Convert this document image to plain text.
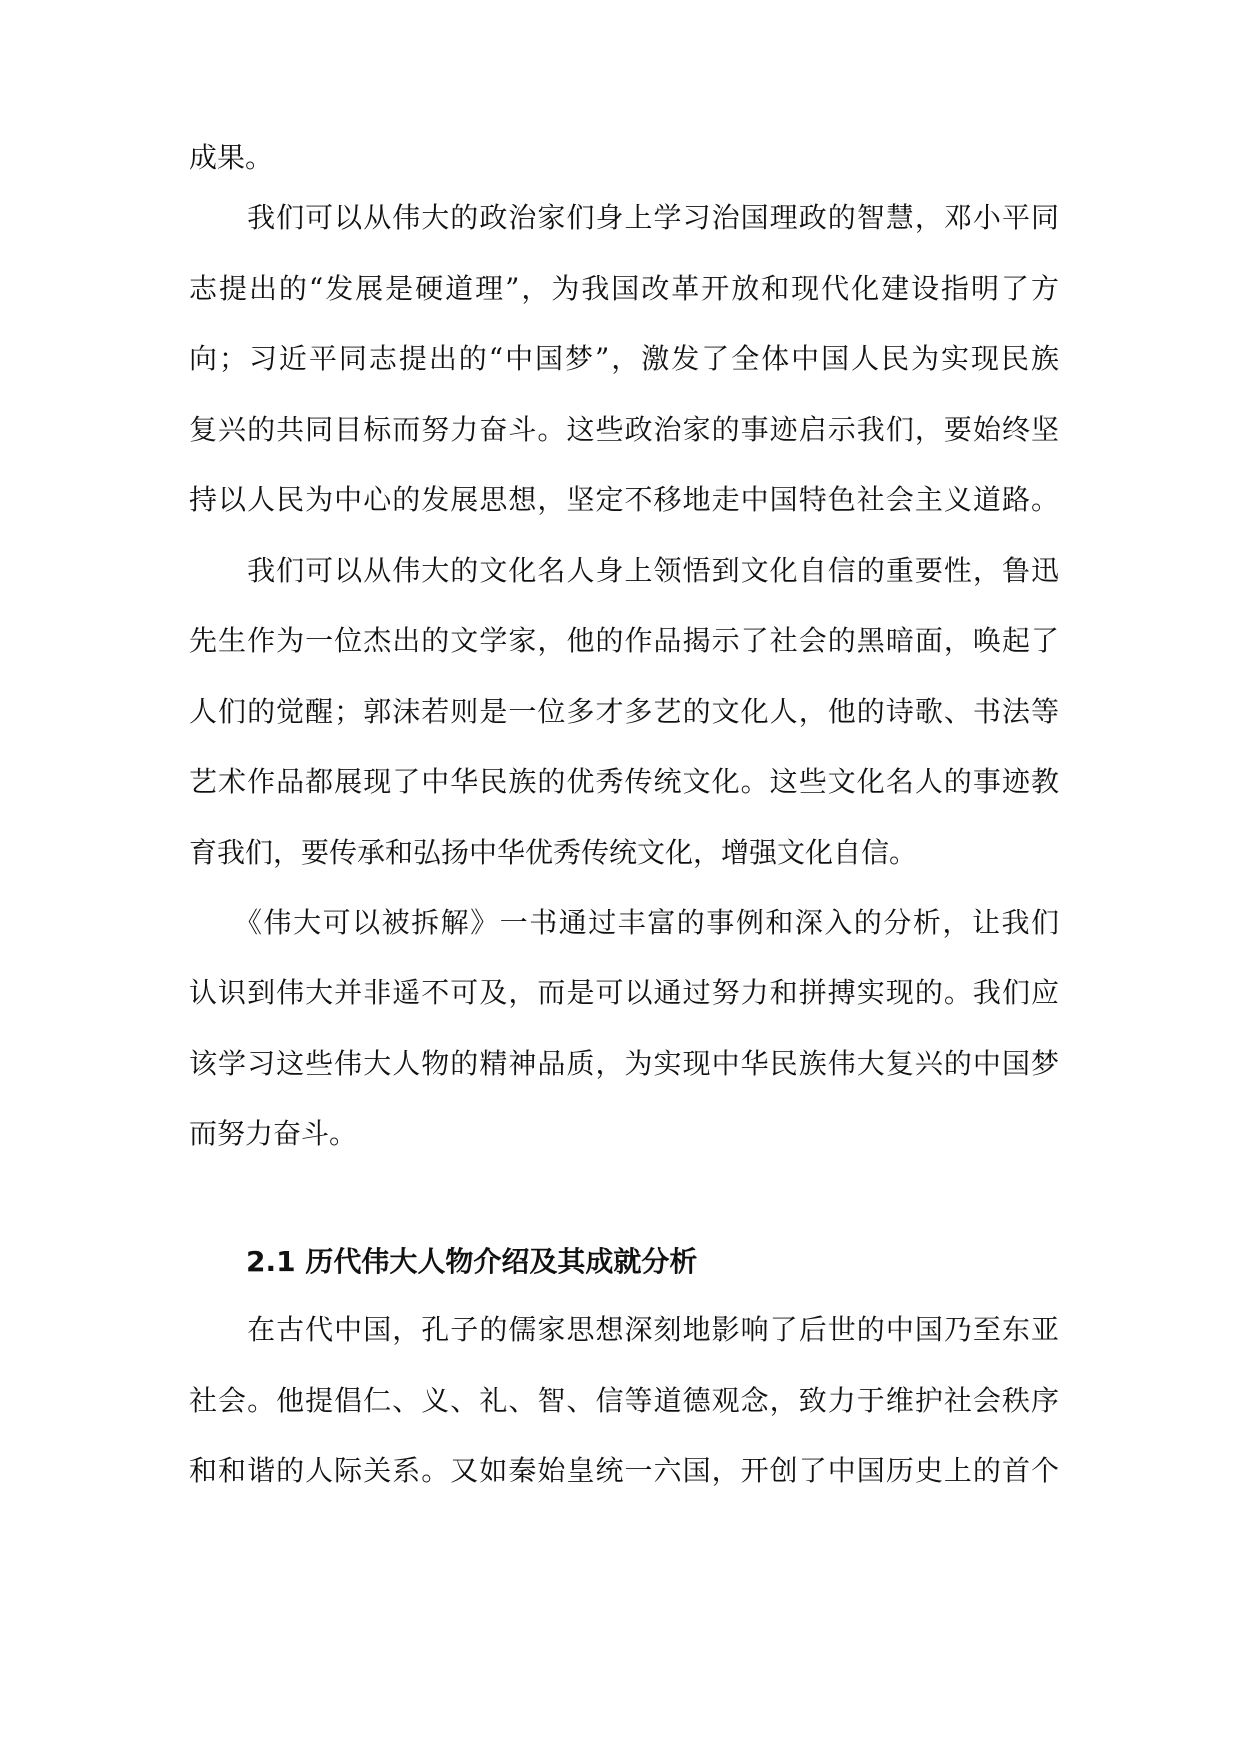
成果。
　　我们可以从伟大的政治家们身上学习治国理政的智慧，邓小平同
志提出的“发展是硬道理”，为我国改革开放和现代化建设指明了方
向；习近平同志提出的“中国梦”，激发了全体中国人民为实现民族
复兴的共同目标而努力奋斗。这些政治家的事迹启示我们，要始终坚
持以人民为中心的发展思想，坚定不移地走中国特色社会主义道路。
　　我们可以从伟大的文化名人身上领悟到文化自信的重要性，鲁迅
先生作为一位杰出的文学家，他的作品揭示了社会的黑暗面，唤起了
人们的觉醒；郭沫若则是一位多才多艺的文化人，他的诗歌、书法等
艺术作品都展现了中华民族的优秀传统文化。这些文化名人的事迹教
育我们，要传承和弘扬中华优秀传统文化，增强文化自信。
　　《伟大可以被拆解》一书通过丰富的事例和深入的分析，让我们
认识到伟大并非遥不可及，而是可以通过努力和拼搏实现的。我们应
该学习这些伟大人物的精神品质，为实现中华民族伟大复兴的中国梦
而努力奋斗。
2.1 历代伟大人物介绍及其成就分析
　　在古代中国，孔子的儒家思想深刻地影响了后世的中国乃至东亚
社会。他提倡仁、义、礼、智、信等道德观念，致力于维护社会秩序
和和谐的人际关系。又如秦始皇统一六国，开创了中国历史上的首个
